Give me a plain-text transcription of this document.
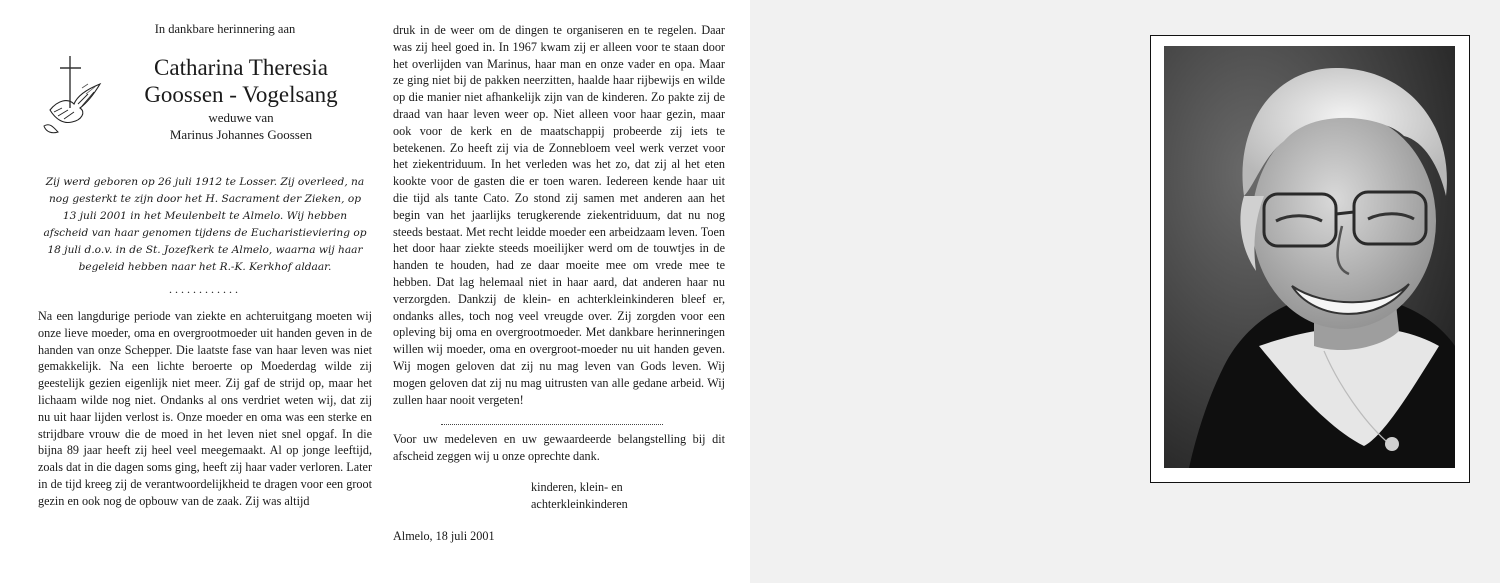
In dankbare herinnering aan
Catharina Theresia
Goossen - Vogelsang
weduwe van
Marinus Johannes Goossen

Zij werd geboren op 26 juli 1912 te Losser. Zij overleed, na nog gesterkt te zijn door het H. Sacrament der Zieken, op 13 juli 2001 in het Meulenbelt te Almelo. Wij hebben afscheid van haar genomen tijdens de Eucharistieviering op 18 juli d.o.v. in de St. Jozefkerk te Almelo, waarna wij haar begeleid hebben naar het R.-K. Kerkhof aldaar.

............

Na een langdurige periode van ziekte en achteruitgang moeten wij onze lieve moeder, oma en overgrootmoeder uit handen geven in de handen van onze Schepper. Die laatste fase van haar leven was niet gemakkelijk. Na een lichte beroerte op Moederdag wilde zij geestelijk gezien eigenlijk niet meer. Zij gaf de strijd op, maar het lichaam wilde nog niet. Ondanks al ons verdriet weten wij, dat zij nu uit haar lijden verlost is. Onze moeder en oma was een sterke en strijdbare vrouw die de moed in het leven niet snel opgaf. In die bijna 89 jaar heeft zij heel veel meegemaakt. Al op jonge leeftijd, zoals dat in die dagen soms ging, heeft zij haar vader verloren. Later in de tijd kreeg zij de verantwoordelijkheid te dragen voor een groot gezin en ook nog de opbouw van de zaak. Zij was altijd

druk in de weer om de dingen te organiseren en te regelen. Daar was zij heel goed in. In 1967 kwam zij er alleen voor te staan door het overlijden van Marinus, haar man en onze vader en opa. Maar ze ging niet bij de pakken neerzitten, haalde haar rijbewijs en wilde op die manier niet afhankelijk zijn van de kinderen. Zo pakte zij de draad van haar leven weer op. Niet alleen voor haar gezin, maar ook voor de kerk en de maatschappij probeerde zij iets te betekenen. Zo heeft zij via de Zonnebloem veel werk verzet voor het ziekentriduum. In het verleden was het zo, dat zij al het eten kookte voor de gasten die er toen waren. Iedereen kende haar uit die tijd als tante Cato. Zo stond zij samen met anderen aan het begin van het jaarlijks terugkerende ziekentriduum, dat nu nog steeds bestaat. Met recht leidde moeder een arbeidzaam leven. Toen het door haar ziekte steeds moeilijker werd om de touwtjes in de handen te houden, had ze daar moeite mee om vrede mee te hebben. Dat lag helemaal niet in haar aard, dat anderen haar nu verzorgden. Dankzij de klein- en achterkleinkinderen bleef er, ondanks alles, toch nog veel vreugde over. Zij zorgden voor een opleving bij oma en overgrootmoeder. Met dankbare herinneringen willen wij moeder, oma en overgroot-moeder nu uit handen geven. Wij mogen geloven dat zij nu mag leven van Gods leven. Wij mogen geloven dat zij nu mag uitrusten van alle gedane arbeid. Wij zullen haar nooit vergeten!

Voor uw medeleven en uw gewaardeerde belangstelling bij dit afscheid zeggen wij u onze oprechte dank.

kinderen, klein- en
achterkleinkinderen
Almelo, 18 juli 2001
